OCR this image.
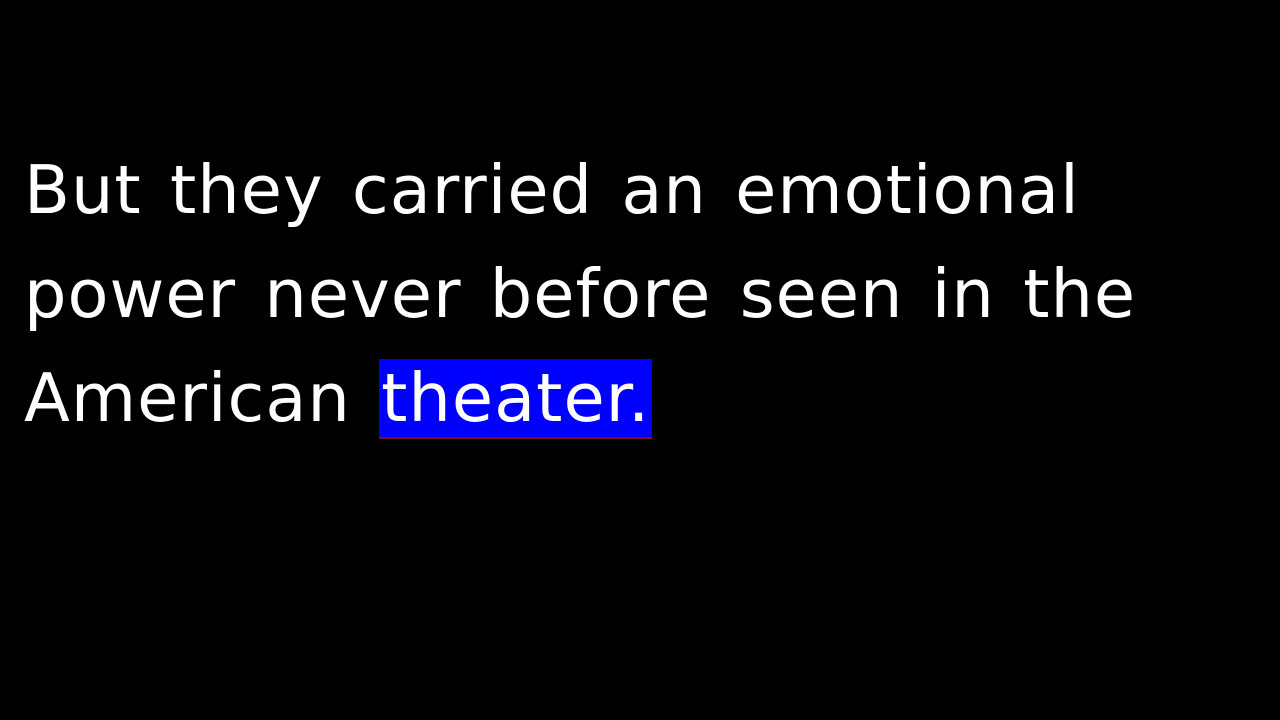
But they carried an emotional
power never before seen in the
American theater.
